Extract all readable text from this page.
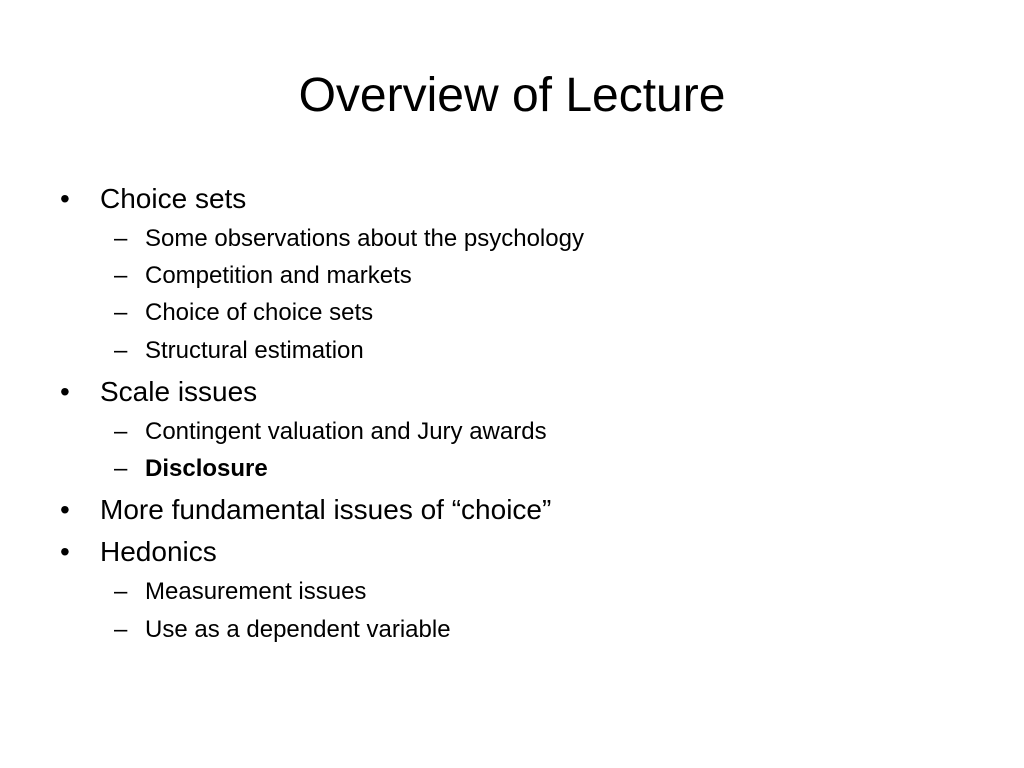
Overview of Lecture
• Choice sets
– Some observations about the psychology
– Competition and markets
– Choice of choice sets
– Structural estimation
• Scale issues
– Contingent valuation and Jury awards
– Disclosure
• More fundamental issues of “choice”
• Hedonics
– Measurement issues
– Use as a dependent variable
